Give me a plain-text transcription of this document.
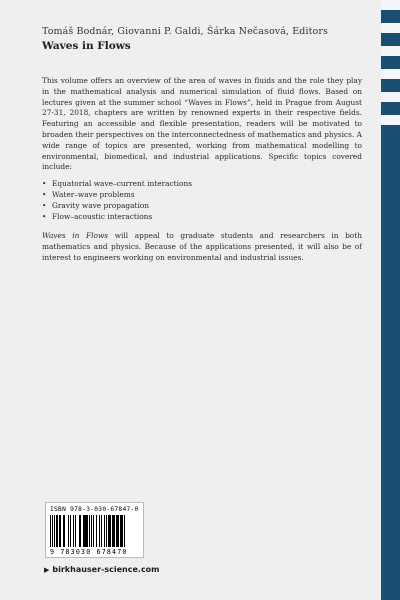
Tomáš Bodnár, Giovanni P. Galdi, Šárka Nečasová, Editors

Waves in Flows

This volume offers an overview of the area of waves in fluids and the role they play in the mathematical analysis and numerical simulation of fluid flows. Based on lectures given at the summer school “Waves in Flows”, held in Prague from August 27-31, 2018, chapters are written by renowned experts in their respective fields. Featuring an accessible and flexible presentation, readers will be motivated to broaden their perspectives on the interconnectedness of mathematics and physics. A wide range of topics are presented, working from mathematical modelling to environmental, biomedical, and industrial applications. Specific topics covered include:

• Equatorial wave–current interactions
• Water–wave problems
• Gravity wave propagation
• Flow–acoustic interactions

Waves in Flows will appeal to graduate students and researchers in both mathematics and physics. Because of the applications presented, it will also be of interest to engineers working on environmental and industrial issues.

ISBN 978-3-030-67847-0
9 783030 678470
▶ birkhauser-science.com
